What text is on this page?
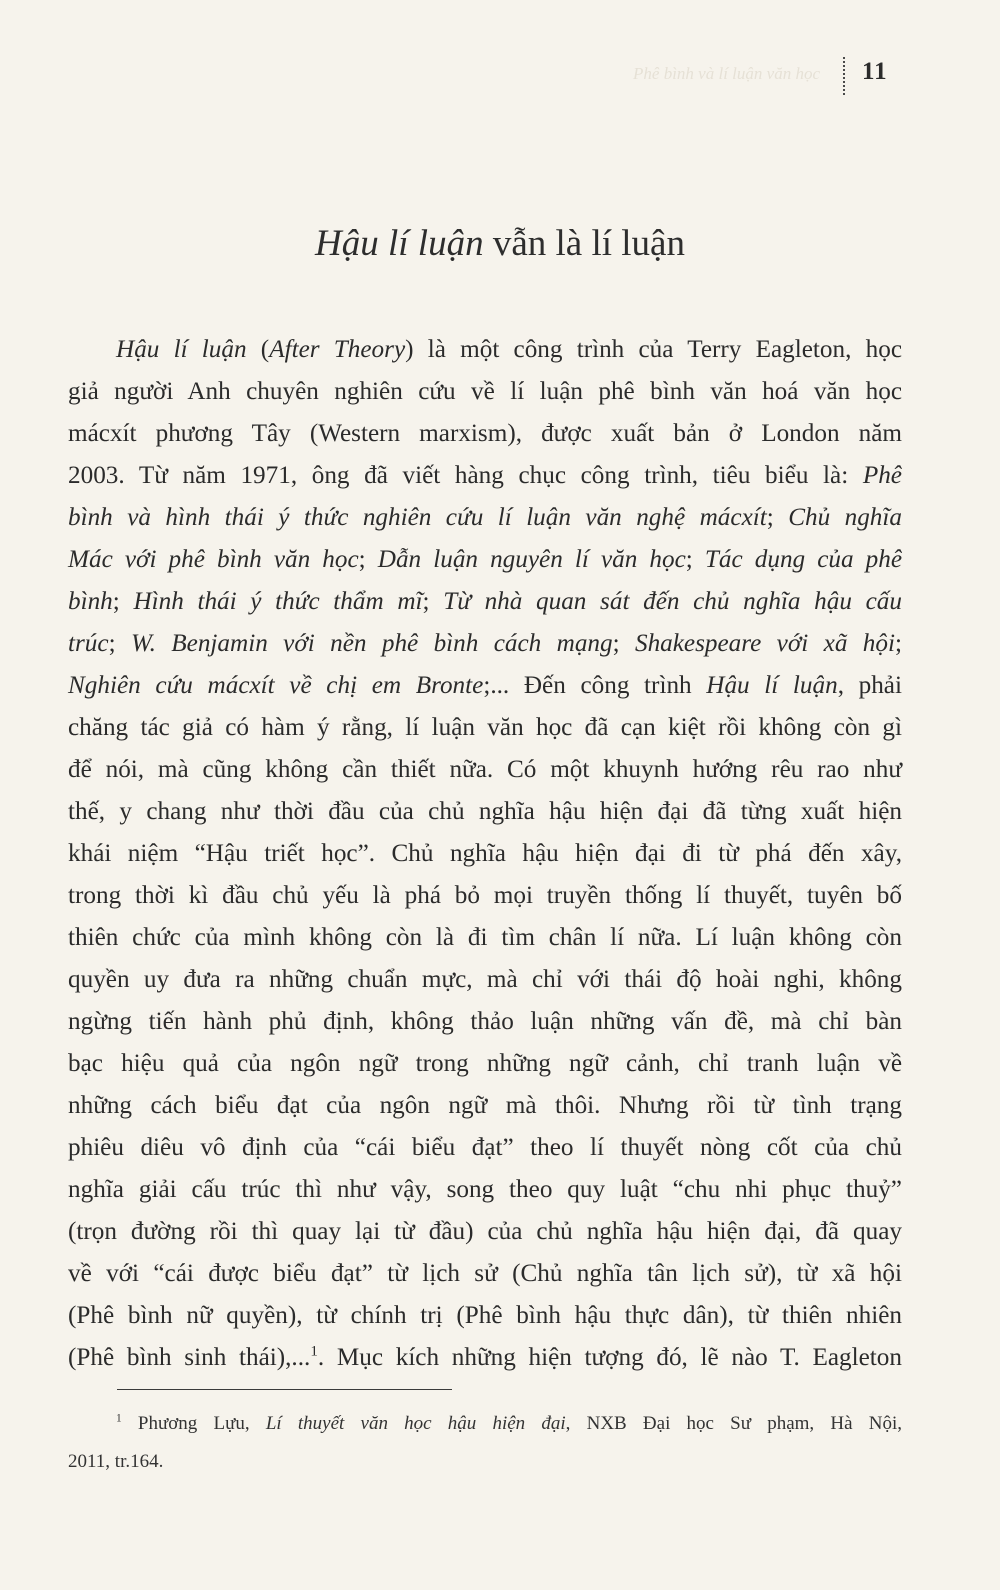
Phê bình và lí luận văn học 11
Hậu lí luận vẫn là lí luận
Hậu lí luận (After Theory) là một công trình của Terry Eagleton, học
giả người Anh chuyên nghiên cứu về lí luận phê bình văn hoá văn học
mácxít phương Tây (Western marxism), được xuất bản ở London năm
2003. Từ năm 1971, ông đã viết hàng chục công trình, tiêu biểu là: Phê
bình và hình thái ý thức nghiên cứu lí luận văn nghệ mácxít; Chủ nghĩa
Mác với phê bình văn học; Dẫn luận nguyên lí văn học; Tác dụng của phê
bình; Hình thái ý thức thẩm mĩ; Từ nhà quan sát đến chủ nghĩa hậu cấu
trúc; W. Benjamin với nền phê bình cách mạng; Shakespeare với xã hội;
Nghiên cứu mácxít về chị em Bronte;... Đến công trình Hậu lí luận, phải
chăng tác giả có hàm ý rằng, lí luận văn học đã cạn kiệt rồi không còn gì
để nói, mà cũng không cần thiết nữa. Có một khuynh hướng rêu rao như
thế, y chang như thời đầu của chủ nghĩa hậu hiện đại đã từng xuất hiện
khái niệm “Hậu triết học”. Chủ nghĩa hậu hiện đại đi từ phá đến xây,
trong thời kì đầu chủ yếu là phá bỏ mọi truyền thống lí thuyết, tuyên bố
thiên chức của mình không còn là đi tìm chân lí nữa. Lí luận không còn
quyền uy đưa ra những chuẩn mực, mà chỉ với thái độ hoài nghi, không
ngừng tiến hành phủ định, không thảo luận những vấn đề, mà chỉ bàn
bạc hiệu quả của ngôn ngữ trong những ngữ cảnh, chỉ tranh luận về
những cách biểu đạt của ngôn ngữ mà thôi. Nhưng rồi từ tình trạng
phiêu diêu vô định của “cái biểu đạt” theo lí thuyết nòng cốt của chủ
nghĩa giải cấu trúc thì như vậy, song theo quy luật “chu nhi phục thuỷ”
(trọn đường rồi thì quay lại từ đầu) của chủ nghĩa hậu hiện đại, đã quay
về với “cái được biểu đạt” từ lịch sử (Chủ nghĩa tân lịch sử), từ xã hội
(Phê bình nữ quyền), từ chính trị (Phê bình hậu thực dân), từ thiên nhiên
(Phê bình sinh thái),...$^1$. Mục kích những hiện tượng đó, lẽ nào T. Eagleton
$^1$ Phương Lựu, Lí thuyết văn học hậu hiện đại, NXB Đại học Sư phạm, Hà Nội,
2011, tr.164.
